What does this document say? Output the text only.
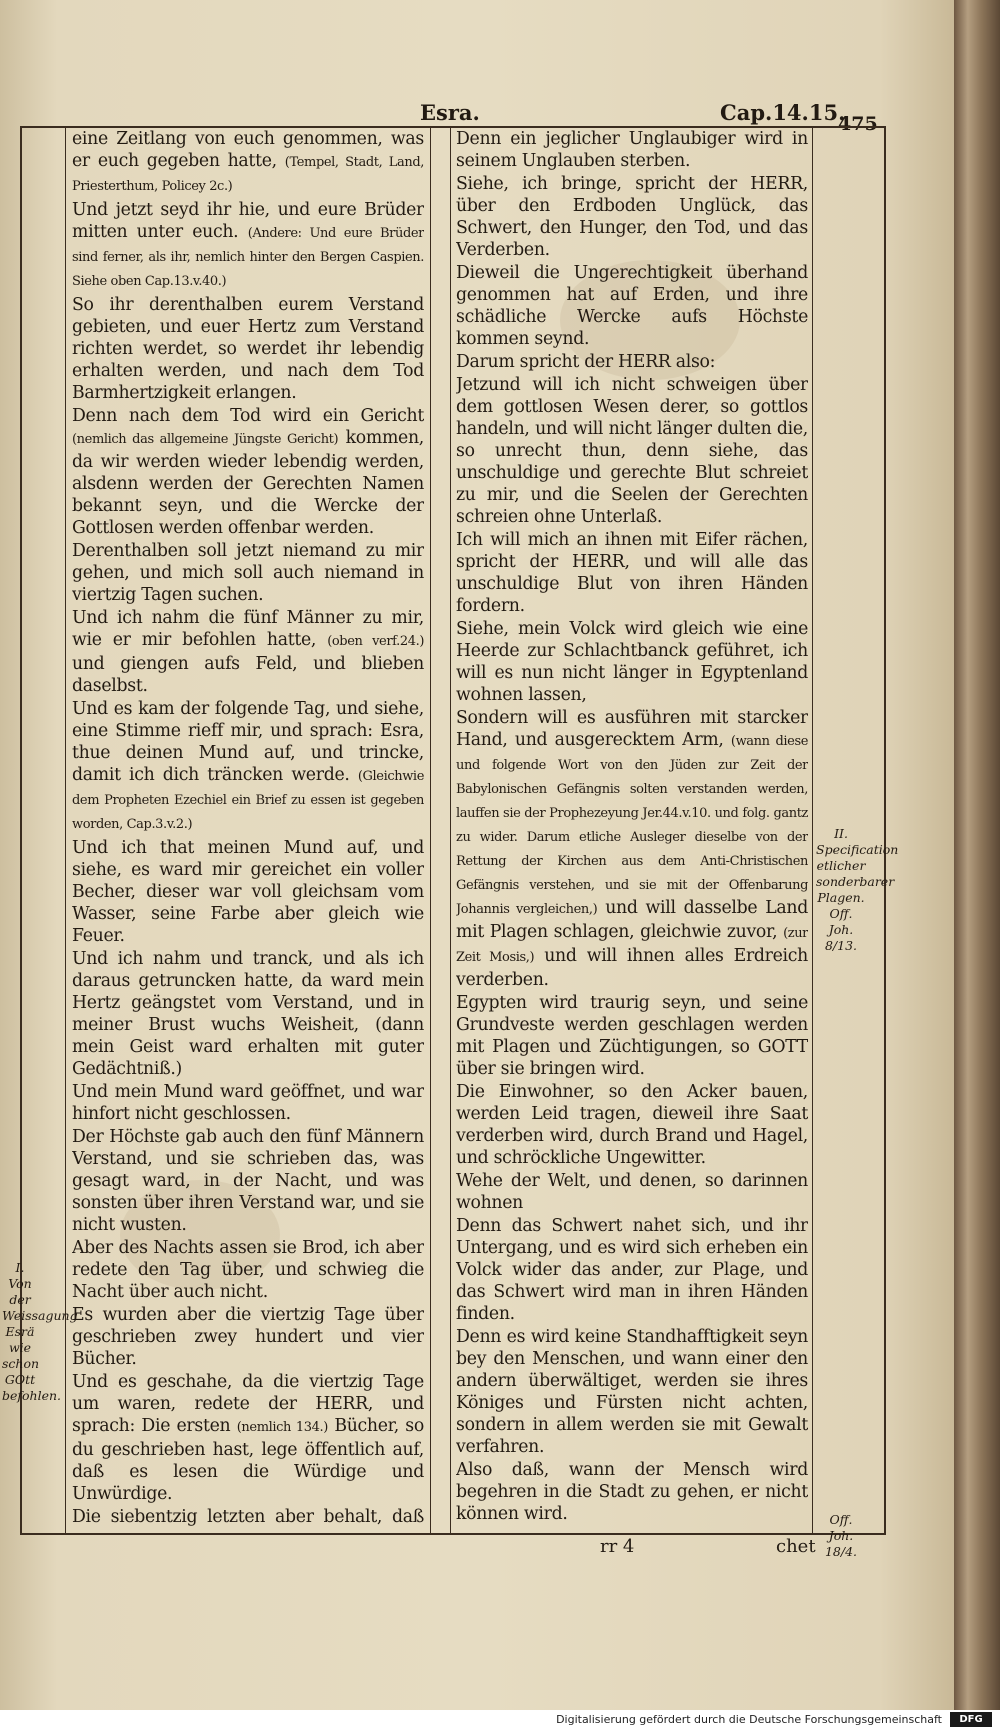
Esra.	Cap.14.15.
475

eine Zeitlang von euch genommen, was er euch gegeben hatte, (Tempel, Stadt, Land, Priesterthum, Policey 2c.)

Und jetzt seyd ihr hie, und eure Brüder mitten unter euch. (Andere: Und eure Brüder sind ferner, als ihr, nemlich hinter den Bergen Caspien. Siehe oben Cap.13.v.40.)

So ihr derenthalben eurem Verstand gebieten, und euer Hertz zum Verstand richten werdet, so werdet ihr lebendig erhalten werden, und nach dem Tod Barmhertzigkeit erlangen.

Denn nach dem Tod wird ein Gericht (nemlich das allgemeine Jüngste Gericht) kommen, da wir werden wieder lebendig werden, alsdenn werden der Gerechten Namen bekannt seyn, und die Wercke der Gottlosen werden offenbar werden.

Derenthalben soll jetzt niemand zu mir gehen, und mich soll auch niemand in viertzig Tagen suchen.

Und ich nahm die fünf Männer zu mir, wie er mir befohlen hatte, (oben verf.24.) und giengen aufs Feld, und blieben daselbst.

Und es kam der folgende Tag, und siehe, eine Stimme rieff mir, und sprach: Esra, thue deinen Mund auf, und trincke, damit ich dich träncken werde. (Gleichwie dem Propheten Ezechiel ein Brief zu essen ist gegeben worden, Cap.3.v.2.)

Und ich that meinen Mund auf, und siehe, es ward mir gereichet ein voller Becher, dieser war voll gleichsam vom Wasser, seine Farbe aber gleich wie Feuer.

Und ich nahm und tranck, und als ich daraus getruncken hatte, da ward mein Hertz geängstet vom Verstand, und in meiner Brust wuchs Weisheit, (dann mein Geist ward erhalten mit guter Gedächtniß.)

Und mein Mund ward geöffnet, und war hinfort nicht geschlossen.

Der Höchste gab auch den fünf Männern Verstand, und sie schrieben das, was gesagt ward, in der Nacht, und was sonsten über ihren Verstand war, und sie nicht wusten.

Aber des Nachts assen sie Brod, ich aber redete den Tag über, und schwieg die Nacht über auch nicht.

Es wurden aber die viertzig Tage über geschrieben zwey hundert und vier Bücher.

Und es geschahe, da die viertzig Tage um waren, redete der HERR, und sprach: Die ersten (nemlich 134.) Bücher, so du geschrieben hast, lege öffentlich auf, daß es lesen die Würdige und Unwürdige.

Die siebentzig letzten aber behalt, daß

I. Von der Weissagung Esrä wie schon GOtt befohlen.

Denn ein jeglicher Unglaubiger wird in seinem Unglauben sterben.

Siehe, ich bringe, spricht der HERR, über den Erdboden Unglück, das Schwert, den Hunger, den Tod, und das Verderben.

Dieweil die Ungerechtigkeit überhand genommen hat auf Erden, und ihre schädliche Wercke aufs Höchste kommen seynd.

Darum spricht der HERR also:

Jetzund will ich nicht schweigen über dem gottlosen Wesen derer, so gottlos handeln, und will nicht länger dulten die, so unrecht thun, denn siehe, das unschuldige und gerechte Blut schreiet zu mir, und die Seelen der Gerechten schreien ohne Unterlaß.

Ich will mich an ihnen mit Eifer rächen, spricht der HERR, und will alle das unschuldige Blut von ihren Händen fordern.

Siehe, mein Volck wird gleich wie eine Heerde zur Schlachtbanck geführet, ich will es nun nicht länger in Egyptenland wohnen lassen,

Sondern will es ausführen mit starcker Hand, und ausgerecktem Arm, (wann diese und folgende Wort von den Jüden zur Zeit der Babylonischen Gefängnis solten verstanden werden, lauffen sie der Prophezeyung Jer.44.v.10. und folg. gantz zu wider. Darum etliche Ausleger dieselbe von der Rettung der Kirchen aus dem Anti-Christischen Gefängnis verstehen, und sie mit der Offenbarung Johannis vergleichen,) und will dasselbe Land mit Plagen schlagen, gleichwie zuvor, (zur Zeit Mosis,) und will ihnen alles Erdreich verderben.

Egypten wird traurig seyn, und seine Grundveste werden geschlagen werden mit Plagen und Züchtigungen, so GOTT über sie bringen wird.

Die Einwohner, so den Acker bauen, werden Leid tragen, dieweil ihre Saat verderben wird, durch Brand und Hagel, und schröckliche Ungewitter.

Wehe der Welt, und denen, so darinnen wohnen

Denn das Schwert nahet sich, und ihr Untergang, und es wird sich erheben ein Volck wider das ander, zur Plage, und das Schwert wird man in ihren Händen finden.

Denn es wird keine Standhafftigkeit seyn bey den Menschen, und wann einer den andern überwältiget, werden sie ihres Königes und Fürsten nicht achten, sondern in allem werden sie mit Gewalt verfahren.

Also daß, wann der Mensch wird begehren in die Stadt zu gehen, er nicht können wird.

II. Specification etlicher sonderbarer Plagen. Off. Joh. 8/13.
Off. Joh. 18/4.
rr 4	chet
Digitalisierung gefördert durch die Deutsche Forschungsgemeinschaft	DFG
